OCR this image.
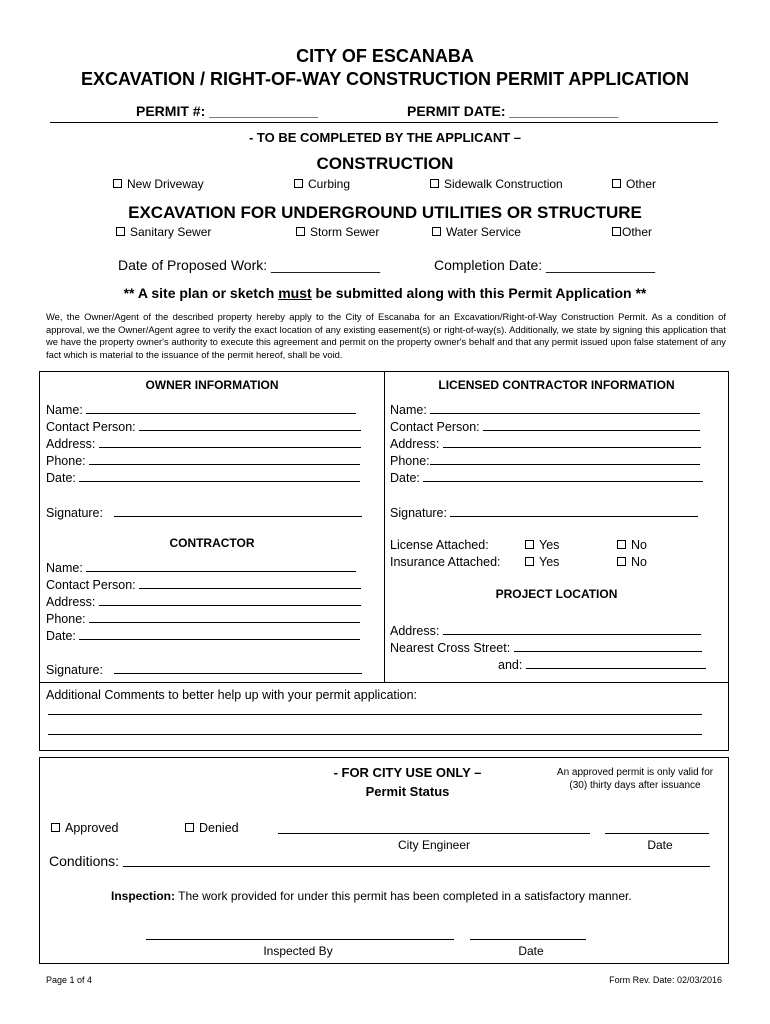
CITY OF ESCANABA
EXCAVATION / RIGHT-OF-WAY CONSTRUCTION PERMIT APPLICATION
PERMIT #: ______________	PERMIT DATE: ______________
- TO BE COMPLETED BY THE APPLICANT –
CONSTRUCTION
New Driveway	Curbing	Sidewalk Construction	Other
EXCAVATION FOR UNDERGROUND UTILITIES OR STRUCTURE
Sanitary Sewer	Storm Sewer	Water Service	Other
Date of Proposed Work: ______________	Completion Date: ______________
** A site plan or sketch must be submitted along with this Permit Application **
We, the Owner/Agent of the described property hereby apply to the City of Escanaba for an Excavation/Right-of-Way Construction Permit. As a condition of approval, we the Owner/Agent agree to verify the exact location of any existing easement(s) or right-of-way(s). Additionally, we state by signing this application that we have the property owner's authority to execute this agreement and permit on the property owner's behalf and that any permit issued upon false statement of any fact which is material to the issuance of the permit hereof, shall be void.
OWNER INFORMATION
Name:
Contact Person:
Address:
Phone:
Date:
Signature:
LICENSED CONTRACTOR INFORMATION
Name:
Contact Person:
Address:
Phone:
Date:
Signature:
CONTRACTOR
Name:
Contact Person:
Address:
Phone:
Date:
Signature:
License Attached:	Yes	No
Insurance Attached:	Yes	No
PROJECT LOCATION
Address:
Nearest Cross Street:
and:
Additional Comments to better help up with your permit application:
- FOR CITY USE ONLY –
Permit Status
An approved permit is only valid for
(30) thirty days after issuance
Approved	Denied
City Engineer	Date
Conditions:
Inspection: The work provided for under this permit has been completed in a satisfactory manner.
Inspected By	Date
Page 1 of 4	Form Rev. Date: 02/03/2016
